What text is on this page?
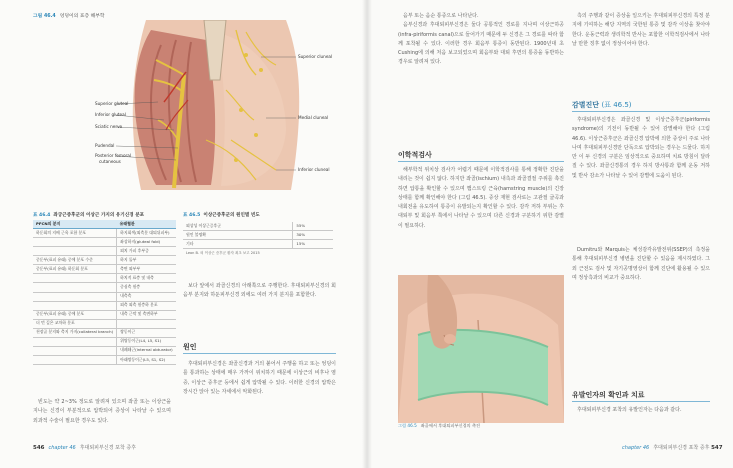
그림 46.4 엉덩이의 표층 해부학
Superior gluteal
Inferior gluteal
Sciatic nerve
Pudendal
Posterior femoral
cutaneous
Superior cluneal
Medial cluneal
Inferior cluneal
표 46.4 좌궁근증후군의 이상근 가지의 유기신경 분포
PFCN의 분지	유래혈관
하둔회의 지배 근육 포함 분포	하지회색(외측분 대퇴뒤피부)
	좌상하지(gluteal fold)
	외치 가피 후부증
중둔부(표피 유래) 중에 분포 수준	하지 돌부
중둔부(표피 유래) 하둔회 분포	측면 외부부
	하치적 표층 및 내측
	중심측 원층
	내측측
	외측 외측 원층하 분포
중둔부(표피 유래) 중에 분포	내측 근막 및 측면하부
더 먼 깊은 교차하 분포	
천장골 분지와 측지 가지(collateral branch)	쌍둥이근
	위쌍둥이근(L4, L5, S1)
	내폐쇄근(internal obturator)
	아래쌍둥이근(L5, S1, S2)
표 46.5 이상근증후군의 원인별 빈도
외상성 이상근증후군	55%
원인 불명확	30%
기타	15%
Leon B. 외 이상근 증후군 환자 최초 보고 2015	

보다 앞에서 좌골신경의 아래쪽으로 주행한다. 후대퇴피부신경의 회음부 분지와 하둔피부신경 외에도 여러 가지 분지를 포함한다.

원인

후대퇴피부신경은 좌골신경과 거의 붙어서 주행을 하고 또는 엉덩이를 통과하는 상태에 매우 가까이 위치하기 때문에 이상근의 비후나 염증, 이상근 증후군 등에서 쉽게 압박될 수 있다. 이러한 신경의 압박은 장시간 앉아 있는 자세에서 악화된다.

빈도는 약 2~3% 정도로 알려져 있으며 좌골 또는 이상근을 지나는 신경이 부분적으로 압박되어 증상이 나타날 수 있으며 외과적 수술이 필요한 경우도 있다.

546 chapter 46 후대퇴피부신경 포착 증후

음부 또는 음순 통증으로 나타난다.

음부신경과 후대퇴피부신경은 둘다 공통적인 경로를 지나며 이상근하공(infra-piriformis canal)으로 들어가기 때문에 두 신경은 그 경로를 따라 함께 포착될 수 있다. 이러한 경우 회음부 통증이 동반된다. 1900년대 초 Cushing에 의해 처음 보고되었으며 회음부와 대퇴 후면의 통증을 동반하는 경우로 알려져 있다.

이학적검사

해부학적 위치상 검사가 어렵기 때문에 이학적검사를 통해 정확한 진단을 내리는 것이 쉽지 않다. 하지만 좌골(ischium) 내측과 좌골결절 주위를 촉진하면 압통을 확인할 수 있으며 햄스트링 근육(hamstring muscle)의 긴장 상태를 함께 확인해야 한다 (그림 46.5). 증상 재현 검사로는 고관절 굴곡과 내회전을 유도하여 통증이 유발되는지 확인할 수 있다. 감각 저하 부위는 후대퇴부 및 회음부 쪽에서 나타날 수 있으며 다른 신경과 구분하기 위한 감별이 필요하다.

그림 46.5 좌골에서 후대퇴피부신경의 촉진

측의 주행과 같이 증상을 일으키는 후대퇴피부신경의 특정 분지에 기여하는 해당 지역의 국한된 통증 및 감각 이상을 찾아야 한다. 운동근력과 생리학적 반사는 포함한 이학적검사에서 나타날 만한 징후 없이 정상이어야 한다.

감별진단 (표 46.5)

후대퇴피부신경은 좌골신경 및 이상근증후군(piriformis syndrome)의 기전이 동반될 수 있어 감별해야 한다 (그림 46.6). 이상근증후군은 좌골신경 압박에 의한 증상이 주로 나타나며 후대퇴피부신경만 단독으로 압박되는 경우는 드물다. 하지만 이 두 신경의 구분은 임상적으로 중요하며 치료 방침이 달라질 수 있다. 좌골신경통의 경우 하지 방사통과 함께 운동 저하 및 반사 감소가 나타날 수 있어 감별에 도움이 된다.

Dumitru와 Marquis는 체성감각유발전위(SSEP)의 측정을 통해 후대퇴피부신경 병변을 진단할 수 있음을 제시하였다. 그 외 근전도 검사 및 자기공명영상이 함께 진단에 활용될 수 있으며 정상측과의 비교가 중요하다.

유발인자의 확인과 치료

후대퇴피부신경 포착의 유발인자는 다음과 같다.

chapter 46 후대퇴피부신경 포착 증후 547
